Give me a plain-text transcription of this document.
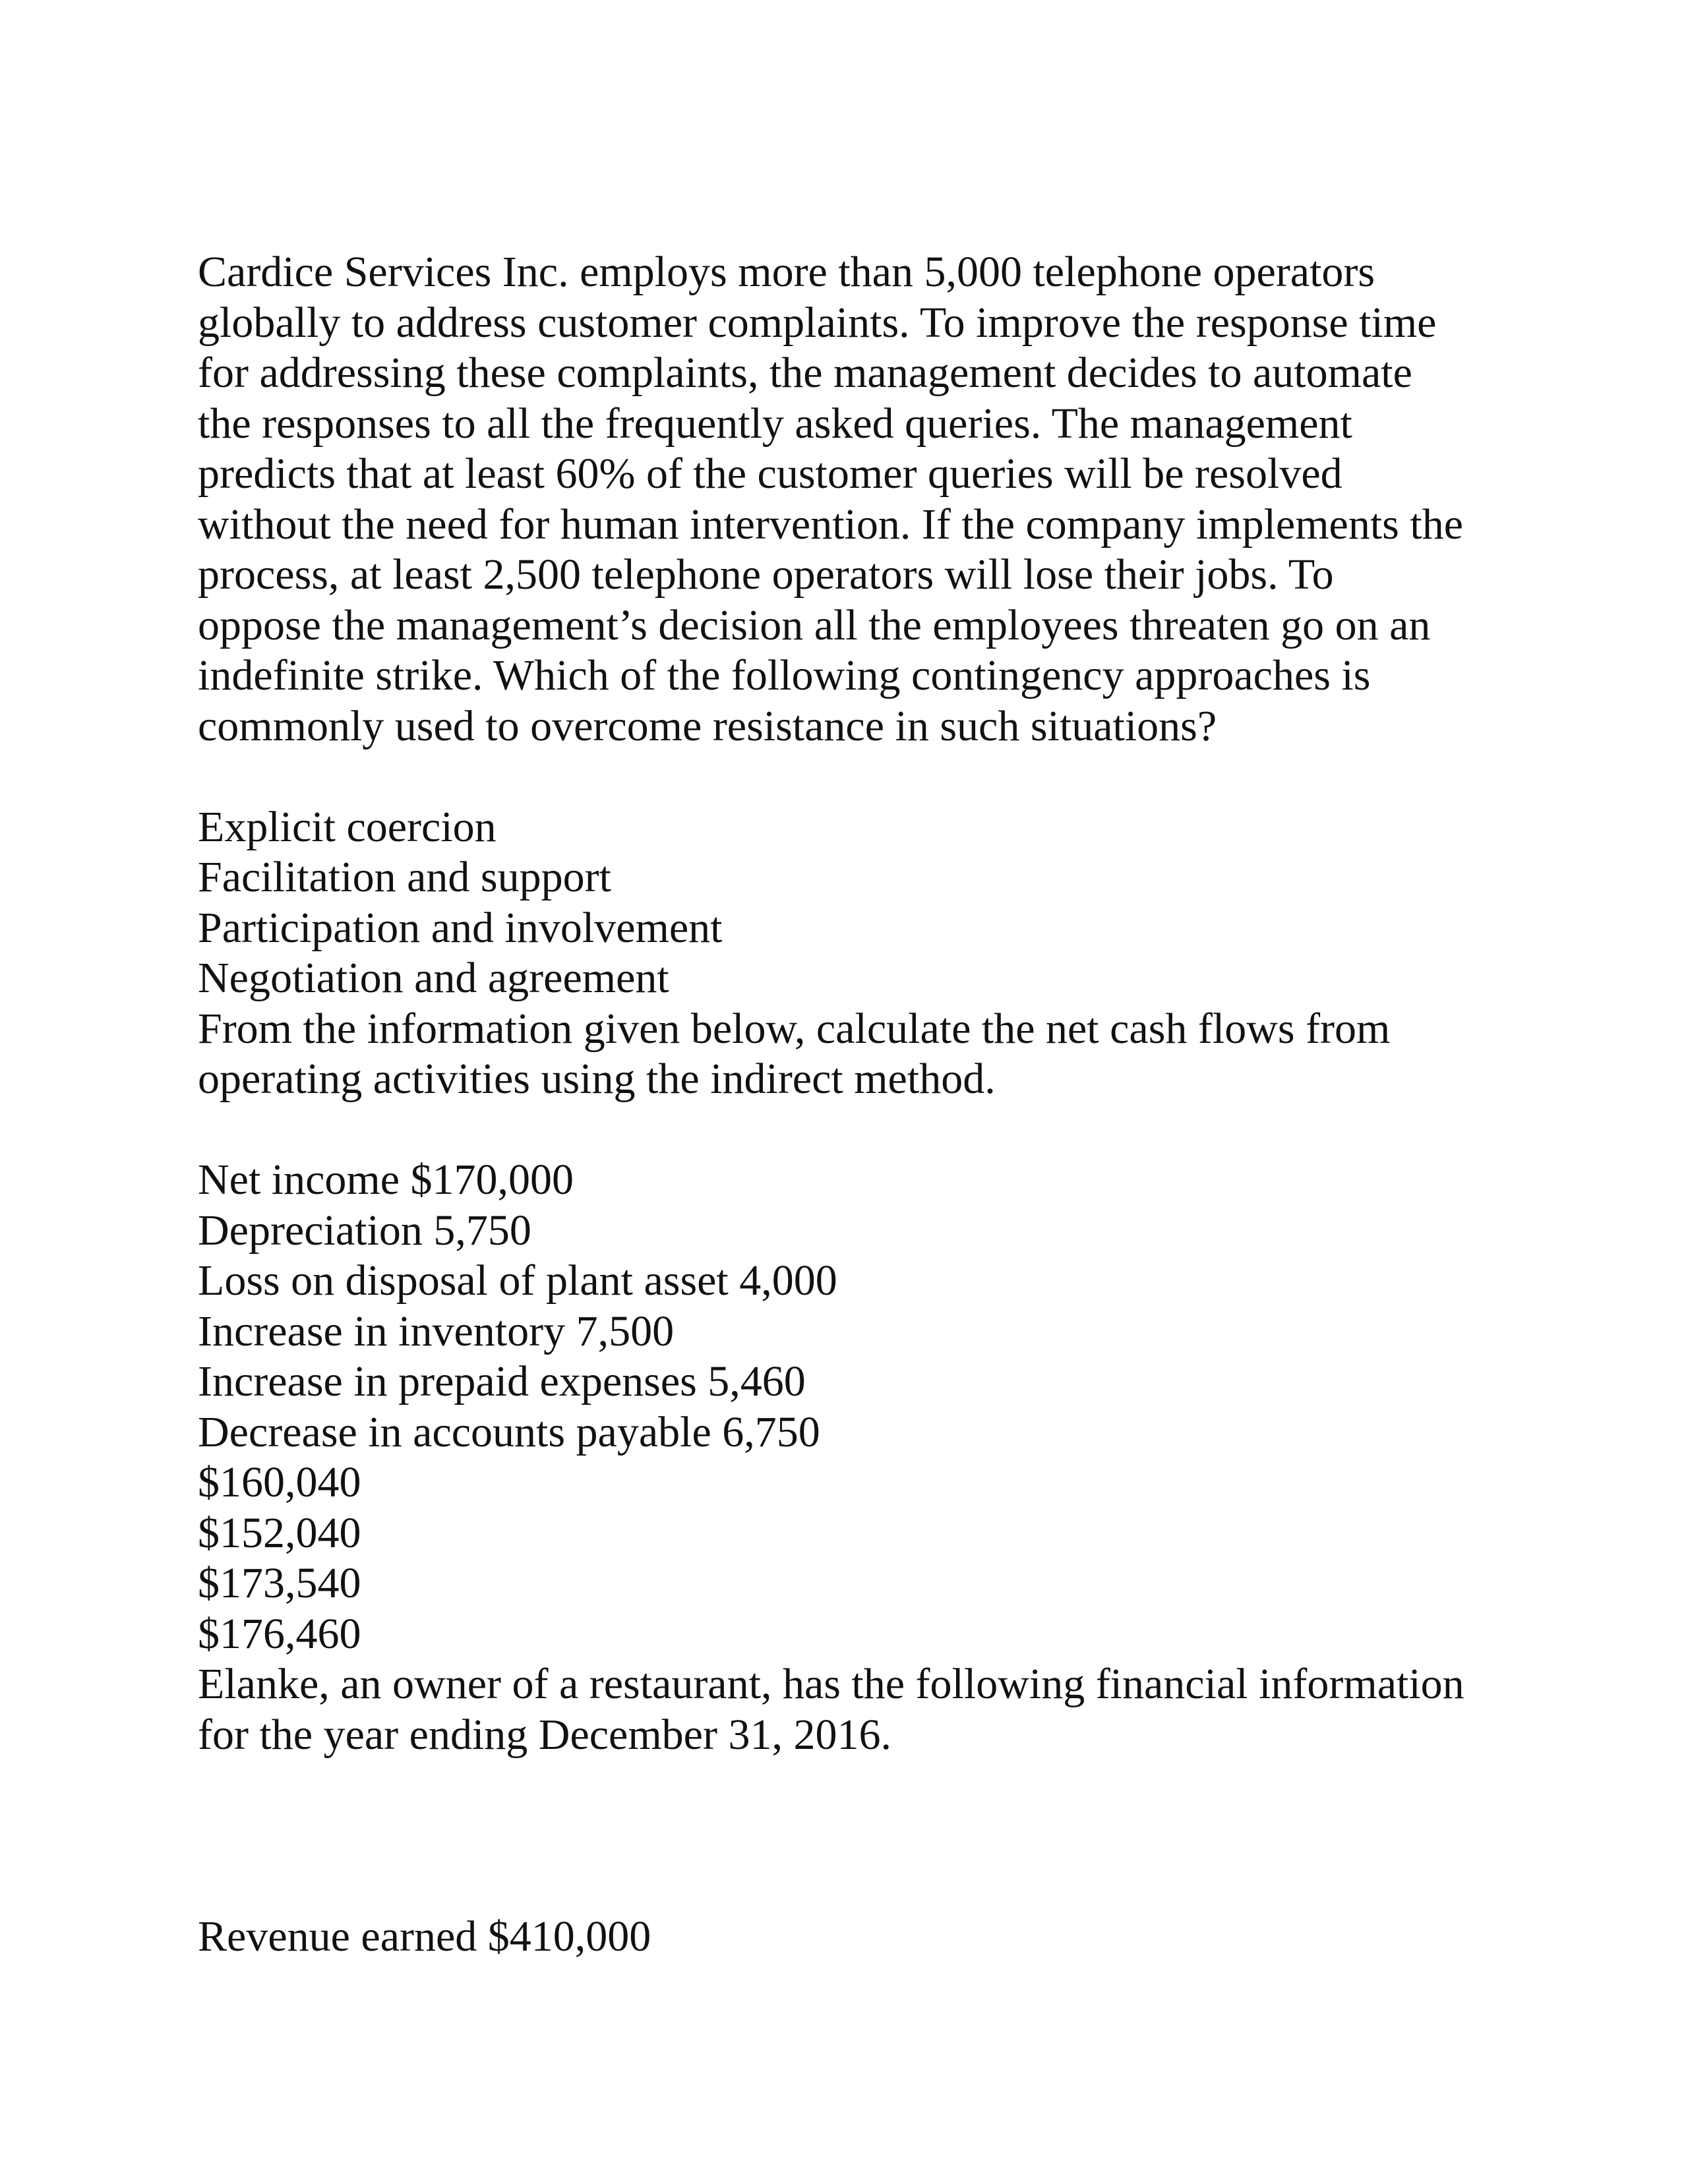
Cardice Services Inc. employs more than 5,000 telephone operators
globally to address customer complaints. To improve the response time
for addressing these complaints, the management decides to automate
the responses to all the frequently asked queries. The management
predicts that at least 60% of the customer queries will be resolved
without the need for human intervention. If the company implements the
process, at least 2,500 telephone operators will lose their jobs. To
oppose the management’s decision all the employees threaten go on an
indefinite strike. Which of the following contingency approaches is
commonly used to overcome resistance in such situations?
Explicit coercion
Facilitation and support
Participation and involvement
Negotiation and agreement
From the information given below, calculate the net cash flows from
operating activities using the indirect method.
Net income $170,000
Depreciation 5,750
Loss on disposal of plant asset 4,000
Increase in inventory 7,500
Increase in prepaid expenses 5,460
Decrease in accounts payable 6,750
$160,040
$152,040
$173,540
$176,460
Elanke, an owner of a restaurant, has the following financial information
for the year ending December 31, 2016.
Revenue earned $410,000
